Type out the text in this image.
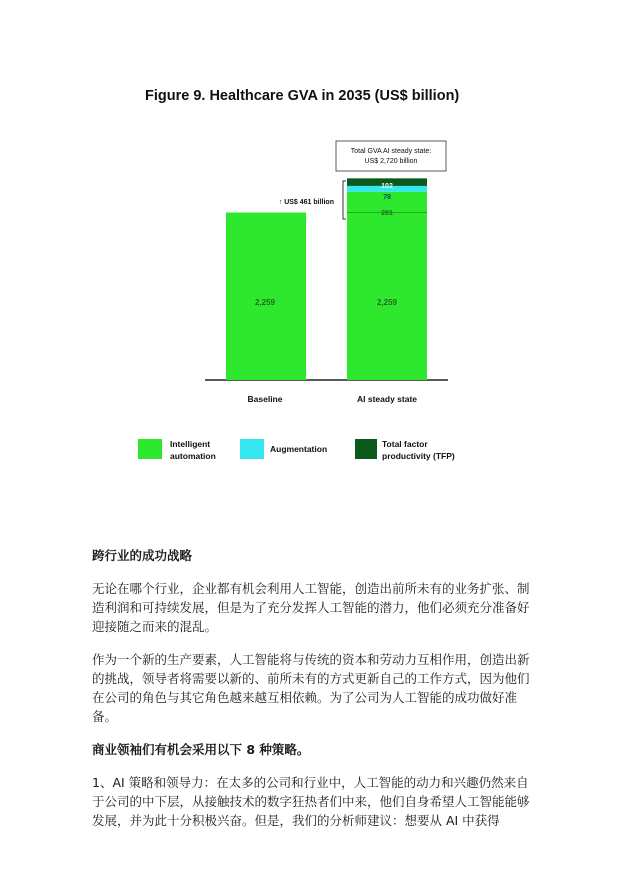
Figure 9. Healthcare GVA in 2035 (US$ billion)
2,259	2,259
281
78
102
↑ US$ 461 billion
Total GVA AI steady state:
US$ 2,720 billion
Baseline	AI steady state
Intelligent
automation
Augmentation	Total factor
productivity (TFP)

跨行业的成功战略

无论在哪个行业，企业都有机会利用人工智能，创造出前所未有的业务扩张、制造利润和可持续发展，但是为了充分发挥人工智能的潜力，他们必须充分准备好迎接随之而来的混乱。

作为一个新的生产要素，人工智能将与传统的资本和劳动力互相作用，创造出新的挑战，领导者将需要以新的、前所未有的方式更新自己的工作方式，因为他们在公司的角色与其它角色越来越互相依赖。为了公司为人工智能的成功做好准备。

商业领袖们有机会采用以下 8 种策略。

1、AI 策略和领导力：在太多的公司和行业中，人工智能的动力和兴趣仍然来自于公司的中下层，从接触技术的数字狂热者们中来，他们自身希望人工智能能够发展，并为此十分积极兴奋。但是，我们的分析师建议：想要从 AI 中获得
